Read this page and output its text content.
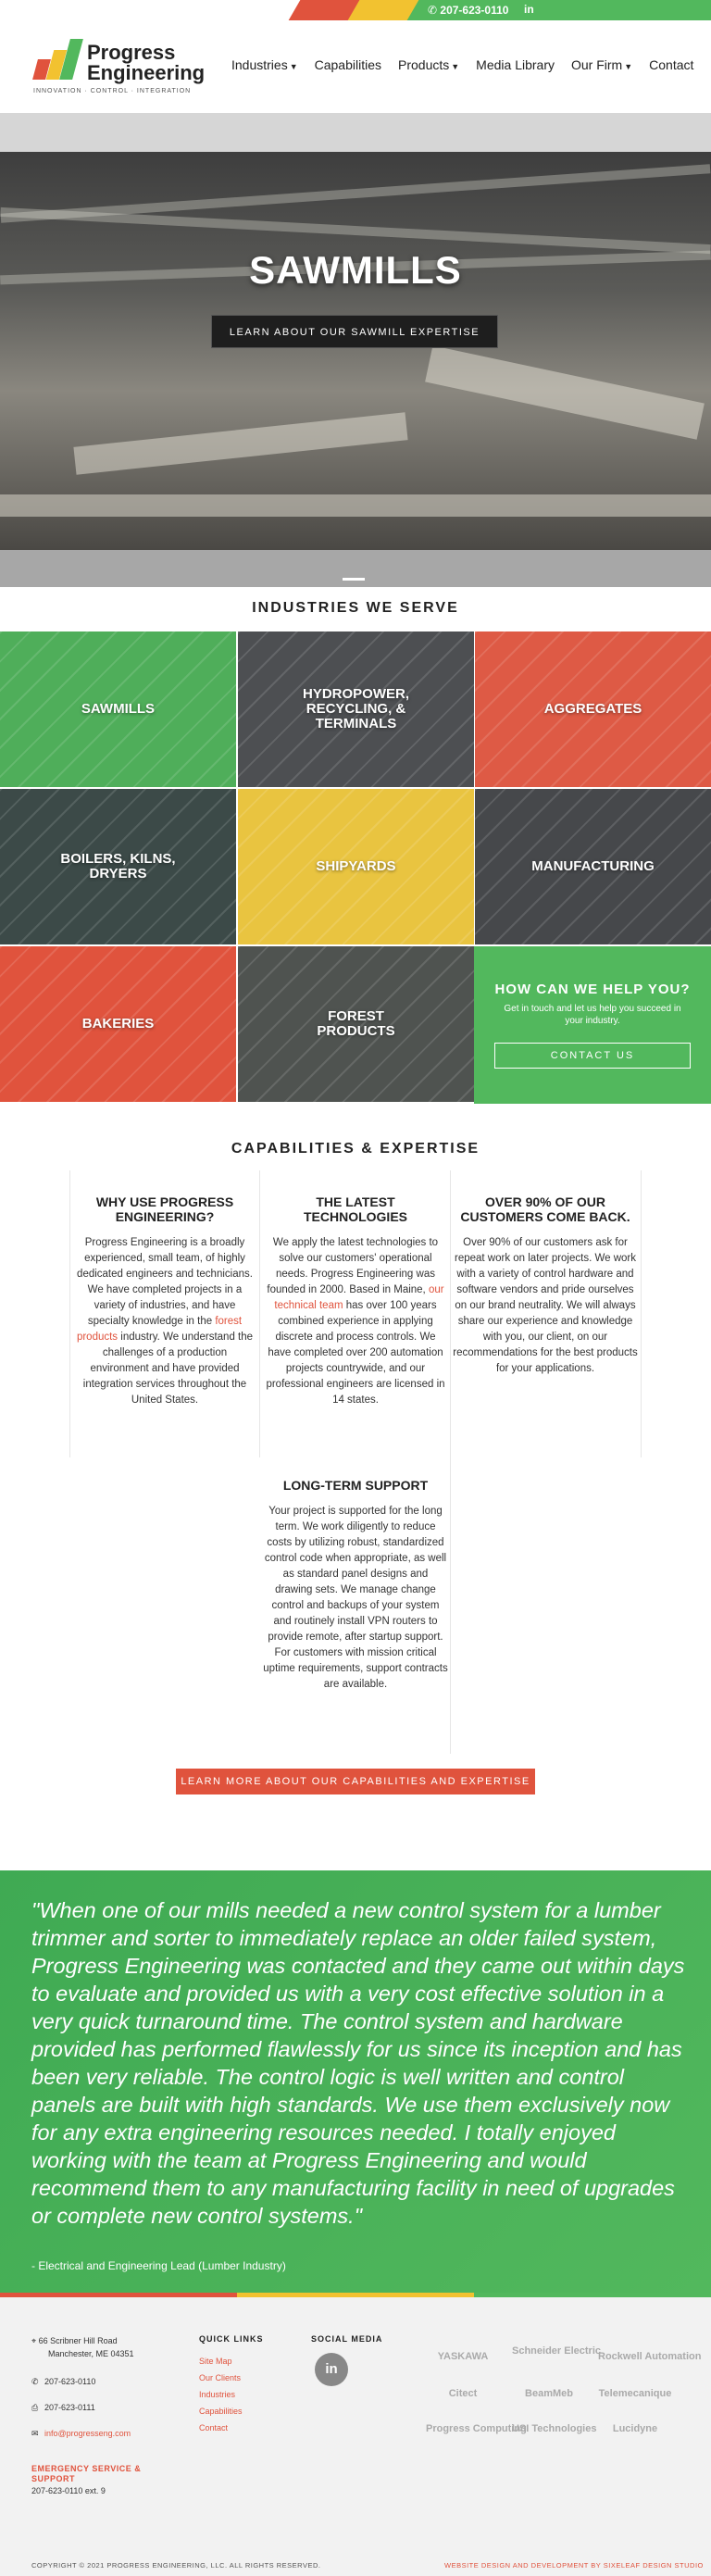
✆ 207-623-0110 in
Progress
Engineering
INNOVATION · CONTROL · INTEGRATION
Industries ▼ Capabilities Products ▼ Media Library Our Firm ▼ Contact
SAWMILLS
LEARN ABOUT OUR SAWMILL EXPERTISE
INDUSTRIES WE SERVE
SAWMILLS
HYDROPOWER, RECYCLING, & TERMINALS
AGGREGATES
BOILERS, KILNS, DRYERS	SHIPYARDS	MANUFACTURING
BAKERIES	FOREST PRODUCTS
HOW CAN WE HELP YOU?

Get in touch and let us help you succeed in your industry.

CONTACT US
CAPABILITIES & EXPERTISE
WHY USE PROGRESS ENGINEERING?

Progress Engineering is a broadly experienced, small team, of highly dedicated engineers and technicians. We have completed projects in a variety of industries, and have specialty knowledge in the forest products industry. We understand the challenges of a production environment and have provided integration services throughout the United States.

THE LATEST TECHNOLOGIES

We apply the latest technologies to solve our customers' operational needs. Progress Engineering was founded in 2000. Based in Maine, our technical team has over 100 years combined experience in applying discrete and process controls. We have completed over 200 automation projects countrywide, and our professional engineers are licensed in 14 states.

OVER 90% OF OUR CUSTOMERS COME BACK.

Over 90% of our customers ask for repeat work on later projects. We work with a variety of control hardware and software vendors and pride ourselves on our brand neutrality. We will always share our experience and knowledge with you, our client, on our recommendations for the best products for your applications.

LONG-TERM SUPPORT

Your project is supported for the long term. We work diligently to reduce costs by utilizing robust, standardized control code when appropriate, as well as standard panel designs and drawing sets. We manage change control and backups of your system and routinely install VPN routers to provide remote, after startup support. For customers with mission critical uptime requirements, support contracts are available.

LEARN MORE ABOUT OUR CAPABILITIES AND EXPERTISE
"When one of our mills needed a new control system for a lumber trimmer and sorter to immediately replace an older failed system, Progress Engineering was contacted and they came out within days to evaluate and provided us with a very cost effective solution in a very quick turnaround time. The control system and hardware provided has performed flawlessly for us since its inception and has been very reliable. The control logic is well written and control panels are built with high standards. We use them exclusively now for any extra engineering resources needed. I totally enjoyed working with the team at Progress Engineering and would recommend them to any manufacturing facility in need of upgrades or complete new control systems."
- Electrical and Engineering Lead (Lumber Industry)
⌖ 66 Scribner Hill Road
Manchester, ME 04351
✆ 207-623-0110
⎙ 207-623-0111
✉ info@progresseng.com
EMERGENCY SERVICE & SUPPORT
207-623-0110 ext. 9
QUICK LINKS
Site Map
Our Clients
Industries
Capabilities
Contact
SOCIAL MEDIA
in
YASKAWA	Schneider Electric
Rockwell Automation
Citect	BeamMeb	Telemecanique
Progress Computing
USI Technologies	Lucidyne
COPYRIGHT © 2021 PROGRESS ENGINEERING, LLC. ALL RIGHTS RESERVED.	WEBSITE DESIGN AND DEVELOPMENT BY SIXELEAF DESIGN STUDIO
